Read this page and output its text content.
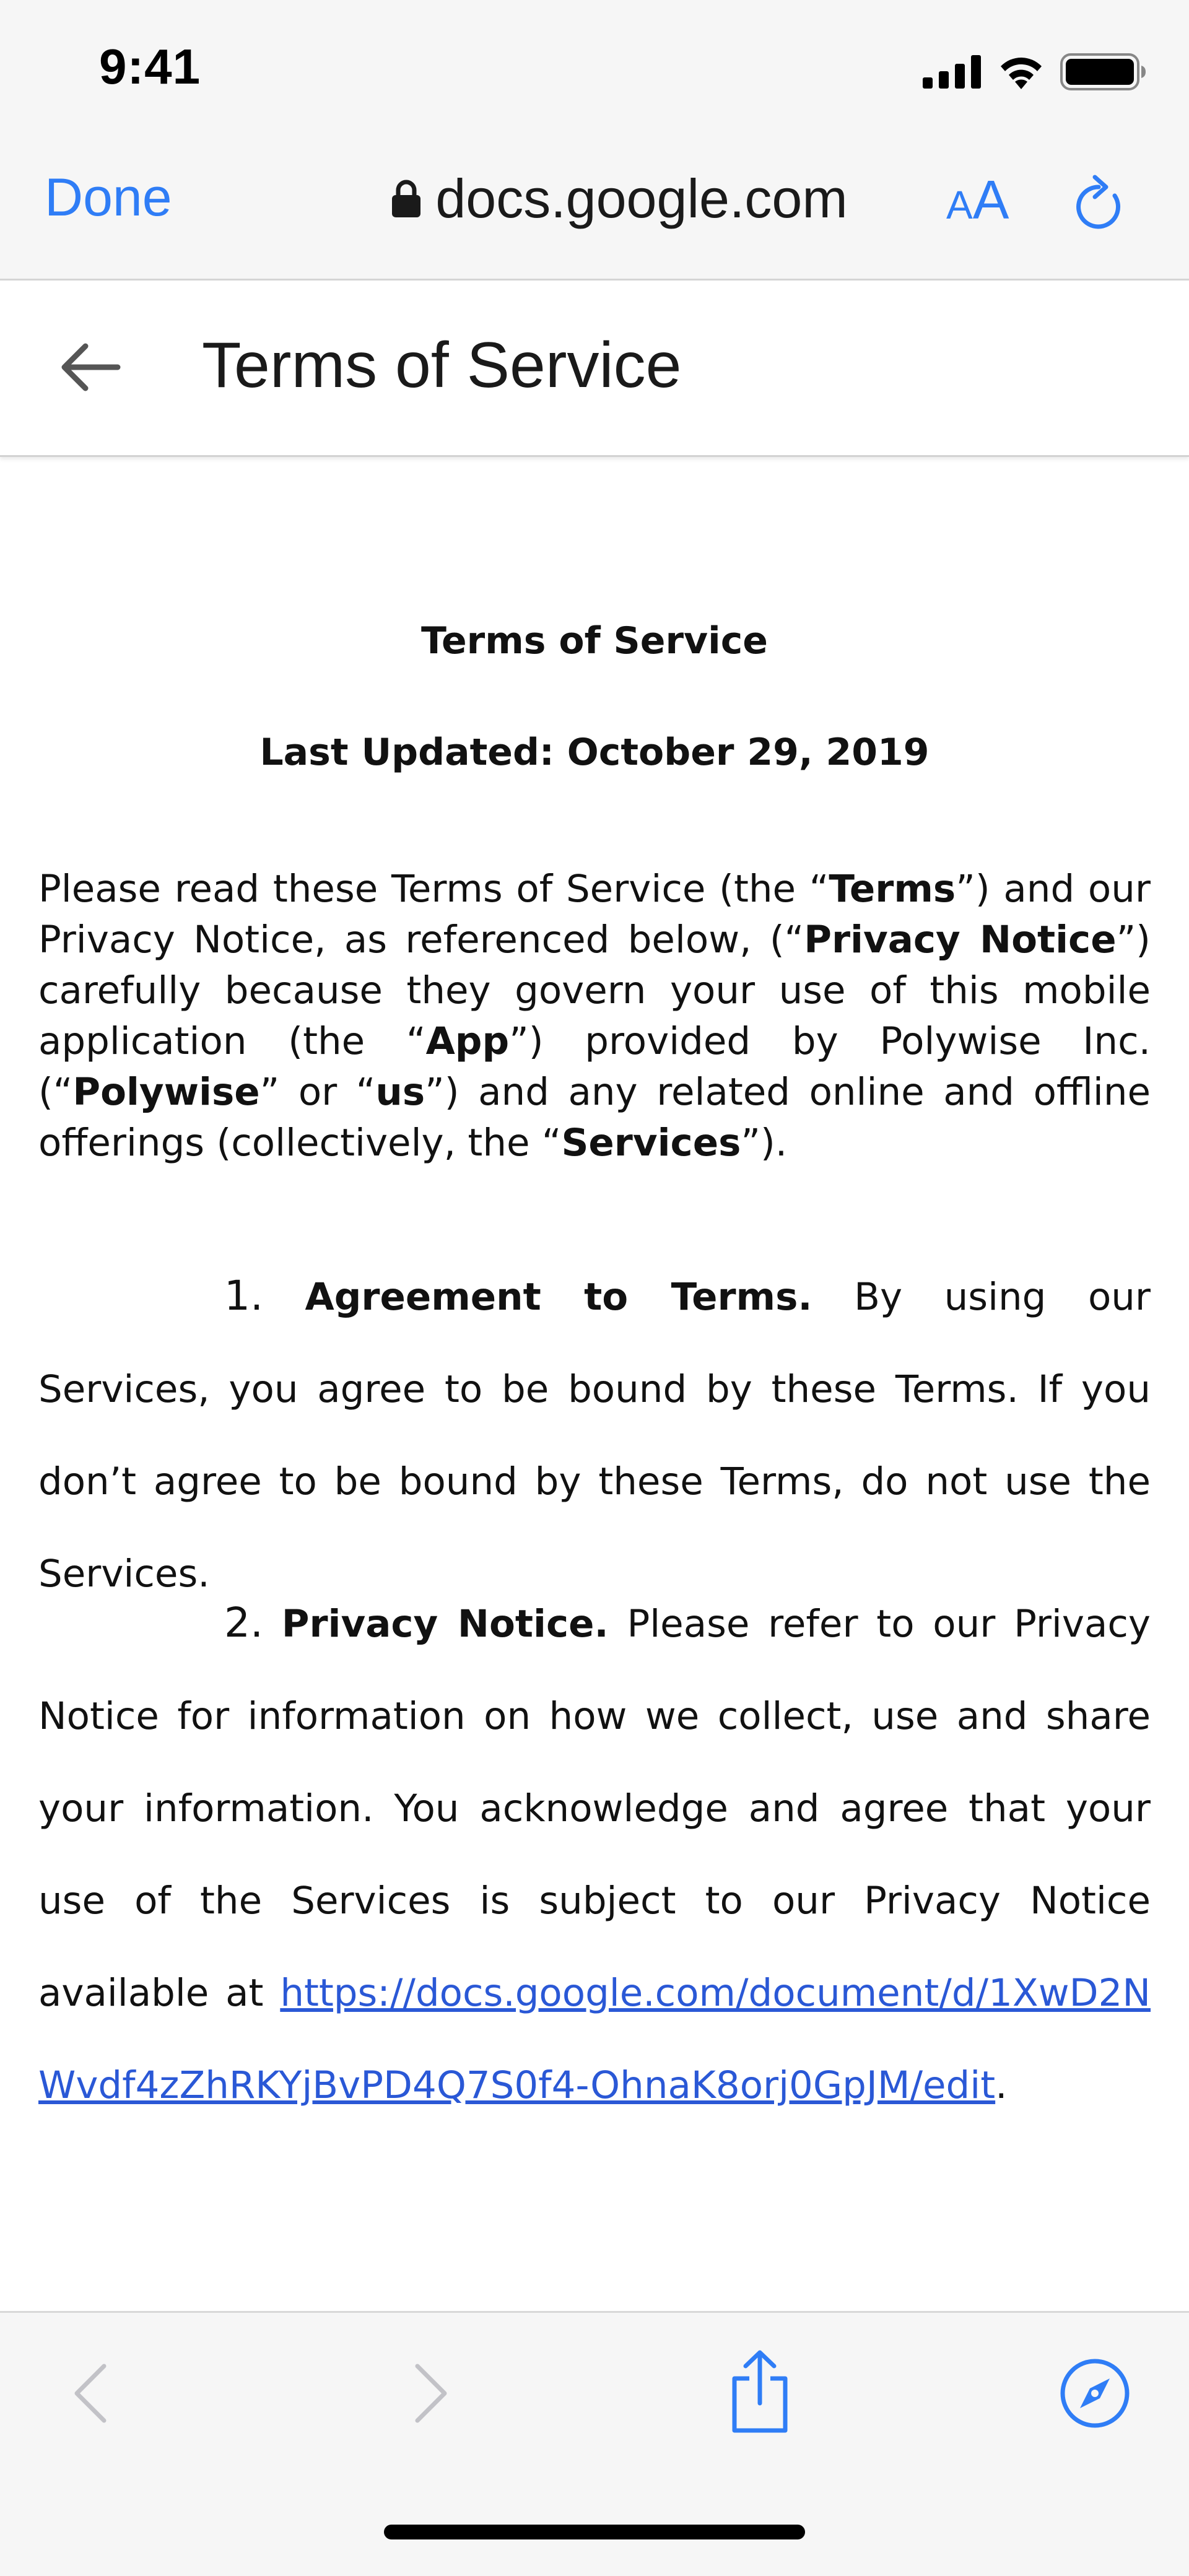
9:41
Done	docs.google.com AA
Terms of Service

Terms of Service

Last Updated: October 29, 2019

Please read these Terms of Service (the “Terms”) and our Privacy Notice, as referenced below, (“Privacy Notice”) carefully because they govern your use of this mobile application (the “App”) provided by Polywise Inc. (“Polywise” or “us”) and any related online and offline offerings (collectively, the “Services”).

1. Agreement to Terms. By using our Services, you agree to be bound by these Terms. If you don’t agree to be bound by these Terms, do not use the Services.

2. Privacy Notice. Please refer to our Privacy Notice for information on how we collect, use and share your information. You acknowledge and agree that your use of the Services is subject to our Privacy Notice available at https://docs.google.com/document/d/1XwD2NWvdf4zZhRKYjBvPD4Q7S0f4-OhnaK8orj0GpJM/edit.
